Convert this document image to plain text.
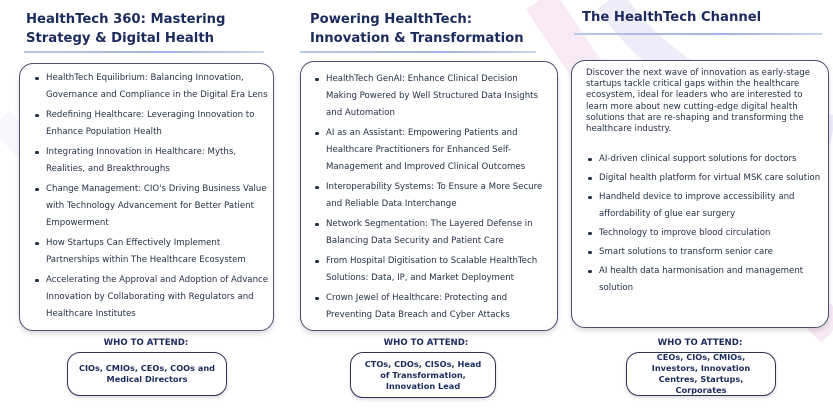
HealthTech 360: Mastering Strategy & Digital Health
HealthTech Equilibrium: Balancing Innovation, Governance and Compliance in the Digital Era Lens
Redefining Healthcare: Leveraging Innovation to Enhance Population Health
Integrating Innovation in Healthcare: Myths, Realities, and Breakthroughs
Change Management: CIO's Driving Business Value with Technology Advancement for Better Patient Empowerment
How Startups Can Effectively Implement Partnerships within The Healthcare Ecosystem
Accelerating the Approval and Adoption of Advance Innovation by Collaborating with Regulators and Healthcare Institutes
WHO TO ATTEND:
CIOs, CMIOs, CEOs, COOs and Medical Directors
Powering HealthTech: Innovation & Transformation
HealthTech GenAI: Enhance Clinical Decision Making Powered by Well Structured Data Insights and Automation
AI as an Assistant: Empowering Patients and Healthcare Practitioners for Enhanced Self-Management and Improved Clinical Outcomes
Interoperability Systems: To Ensure a More Secure and Reliable Data Interchange
Network Segmentation: The Layered Defense in Balancing Data Security and Patient Care
From Hospital Digitisation to Scalable HealthTech Solutions: Data, IP, and Market Deployment
Crown Jewel of Healthcare: Protecting and Preventing Data Breach and Cyber Attacks
WHO TO ATTEND:
CTOs, CDOs, CISOs, Head of Transformation, Innovation Lead
The HealthTech Channel

Discover the next wave of innovation as early-stage startups tackle critical gaps within the healthcare ecosystem, ideal for leaders who are interested to learn more about new cutting-edge digital health solutions that are re-shaping and transforming the healthcare industry.

AI-driven clinical support solutions for doctors
Digital health platform for virtual MSK care solution
Handheld device to improve accessibility and affordability of glue ear surgery
Technology to improve blood circulation
Smart solutions to transform senior care
AI health data harmonisation and management solution
WHO TO ATTEND:
CEOs, CIOs, CMIOs, Investors, Innovation Centres, Startups, Corporates
